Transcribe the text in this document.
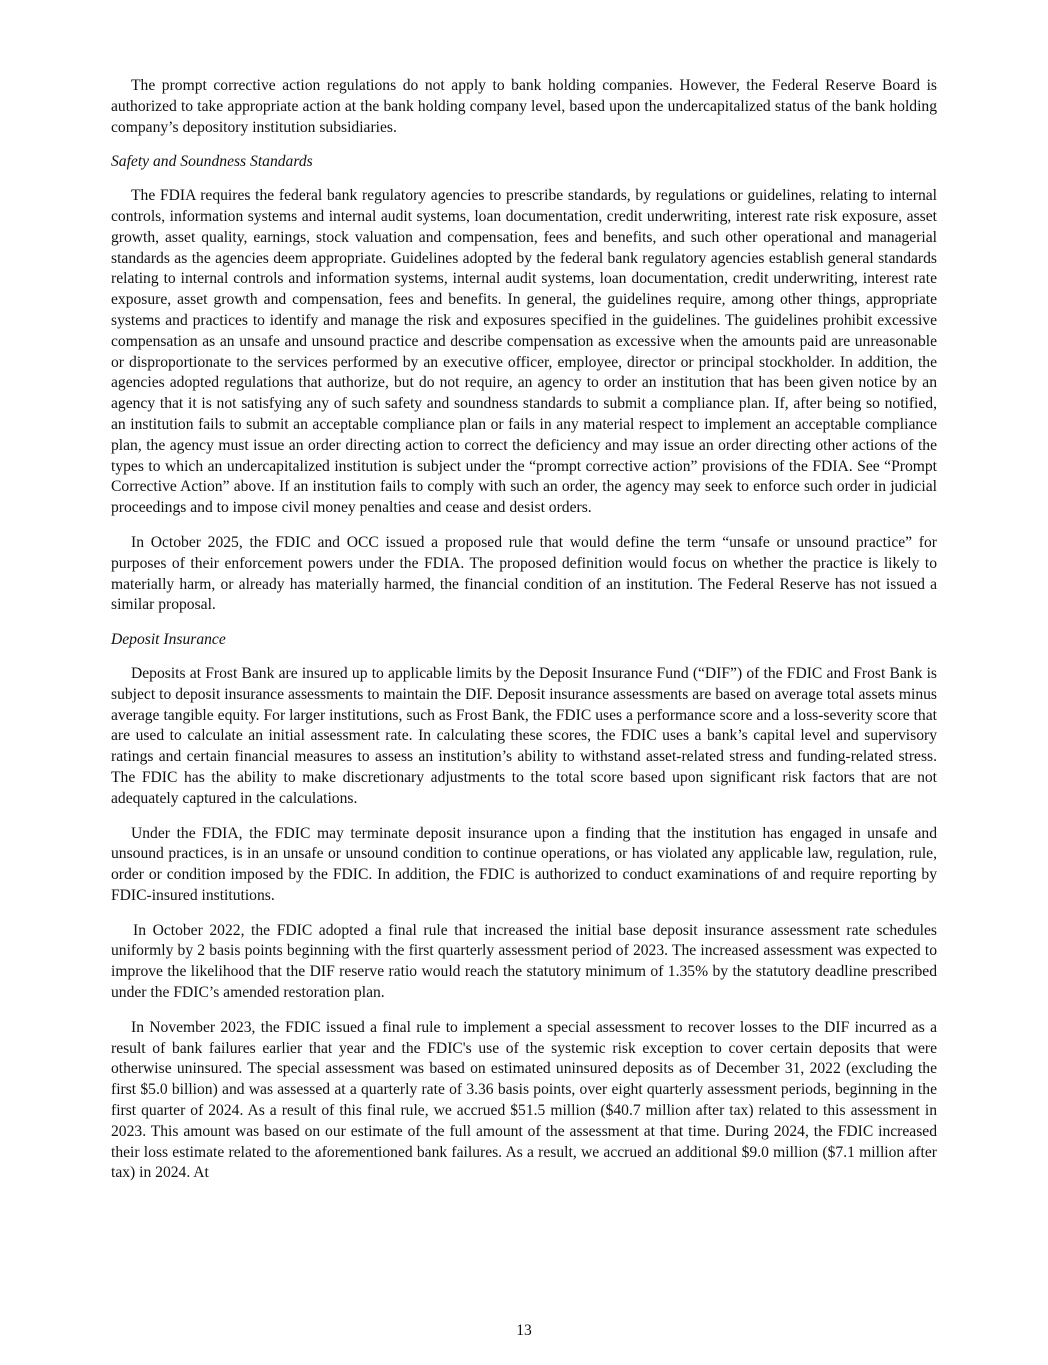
The prompt corrective action regulations do not apply to bank holding companies. However, the Federal Reserve Board is authorized to take appropriate action at the bank holding company level, based upon the undercapitalized status of the bank holding company’s depository institution subsidiaries.

Safety and Soundness Standards

The FDIA requires the federal bank regulatory agencies to prescribe standards, by regulations or guidelines, relating to internal controls, information systems and internal audit systems, loan documentation, credit underwriting, interest rate risk exposure, asset growth, asset quality, earnings, stock valuation and compensation, fees and benefits, and such other operational and managerial standards as the agencies deem appropriate. Guidelines adopted by the federal bank regulatory agencies establish general standards relating to internal controls and information systems, internal audit systems, loan documentation, credit underwriting, interest rate exposure, asset growth and compensation, fees and benefits. In general, the guidelines require, among other things, appropriate systems and practices to identify and manage the risk and exposures specified in the guidelines. The guidelines prohibit excessive compensation as an unsafe and unsound practice and describe compensation as excessive when the amounts paid are unreasonable or disproportionate to the services performed by an executive officer, employee, director or principal stockholder. In addition, the agencies adopted regulations that authorize, but do not require, an agency to order an institution that has been given notice by an agency that it is not satisfying any of such safety and soundness standards to submit a compliance plan. If, after being so notified, an institution fails to submit an acceptable compliance plan or fails in any material respect to implement an acceptable compliance plan, the agency must issue an order directing action to correct the deficiency and may issue an order directing other actions of the types to which an undercapitalized institution is subject under the “prompt corrective action” provisions of the FDIA. See “Prompt Corrective Action” above. If an institution fails to comply with such an order, the agency may seek to enforce such order in judicial proceedings and to impose civil money penalties and cease and desist orders.

In October 2025, the FDIC and OCC issued a proposed rule that would define the term “unsafe or unsound practice” for purposes of their enforcement powers under the FDIA. The proposed definition would focus on whether the practice is likely to materially harm, or already has materially harmed, the financial condition of an institution. The Federal Reserve has not issued a similar proposal.

Deposit Insurance

Deposits at Frost Bank are insured up to applicable limits by the Deposit Insurance Fund (“DIF”) of the FDIC and Frost Bank is subject to deposit insurance assessments to maintain the DIF. Deposit insurance assessments are based on average total assets minus average tangible equity. For larger institutions, such as Frost Bank, the FDIC uses a performance score and a loss-severity score that are used to calculate an initial assessment rate. In calculating these scores, the FDIC uses a bank’s capital level and supervisory ratings and certain financial measures to assess an institution’s ability to withstand asset-related stress and funding-related stress. The FDIC has the ability to make discretionary adjustments to the total score based upon significant risk factors that are not adequately captured in the calculations.

Under the FDIA, the FDIC may terminate deposit insurance upon a finding that the institution has engaged in unsafe and unsound practices, is in an unsafe or unsound condition to continue operations, or has violated any applicable law, regulation, rule, order or condition imposed by the FDIC. In addition, the FDIC is authorized to conduct examinations of and require reporting by FDIC-insured institutions.

In October 2022, the FDIC adopted a final rule that increased the initial base deposit insurance assessment rate schedules uniformly by 2 basis points beginning with the first quarterly assessment period of 2023. The increased assessment was expected to improve the likelihood that the DIF reserve ratio would reach the statutory minimum of 1.35% by the statutory deadline prescribed under the FDIC’s amended restoration plan.

In November 2023, the FDIC issued a final rule to implement a special assessment to recover losses to the DIF incurred as a result of bank failures earlier that year and the FDIC's use of the systemic risk exception to cover certain deposits that were otherwise uninsured. The special assessment was based on estimated uninsured deposits as of December 31, 2022 (excluding the first $5.0 billion) and was assessed at a quarterly rate of 3.36 basis points, over eight quarterly assessment periods, beginning in the first quarter of 2024. As a result of this final rule, we accrued $51.5 million ($40.7 million after tax) related to this assessment in 2023. This amount was based on our estimate of the full amount of the assessment at that time. During 2024, the FDIC increased their loss estimate related to the aforementioned bank failures. As a result, we accrued an additional $9.0 million ($7.1 million after tax) in 2024. At

13
